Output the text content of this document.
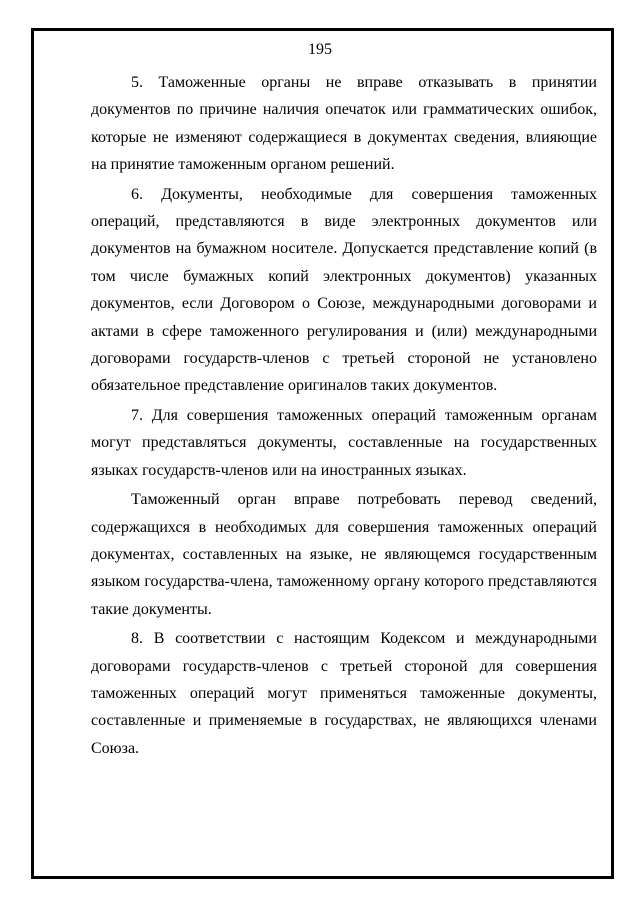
195

5. Таможенные органы не вправе отказывать в принятии документов по причине наличия опечаток или грамматических ошибок, которые не изменяют содержащиеся в документах сведения, влияющие на принятие таможенным органом решений.

6. Документы, необходимые для совершения таможенных операций, представляются в виде электронных документов или документов на бумажном носителе. Допускается представление копий (в том числе бумажных копий электронных документов) указанных документов, если Договором о Союзе, международными договорами и актами в сфере таможенного регулирования и (или) международными договорами государств-членов с третьей стороной не установлено обязательное представление оригиналов таких документов.

7. Для совершения таможенных операций таможенным органам могут представляться документы, составленные на государственных языках государств-членов или на иностранных языках.

Таможенный орган вправе потребовать перевод сведений, содержащихся в необходимых для совершения таможенных операций документах, составленных на языке, не являющемся государственным языком государства-члена, таможенному органу которого представляются такие документы.

8. В соответствии с настоящим Кодексом и международными договорами государств-членов с третьей стороной для совершения таможенных операций могут применяться таможенные документы, составленные и применяемые в государствах, не являющихся членами Союза.
